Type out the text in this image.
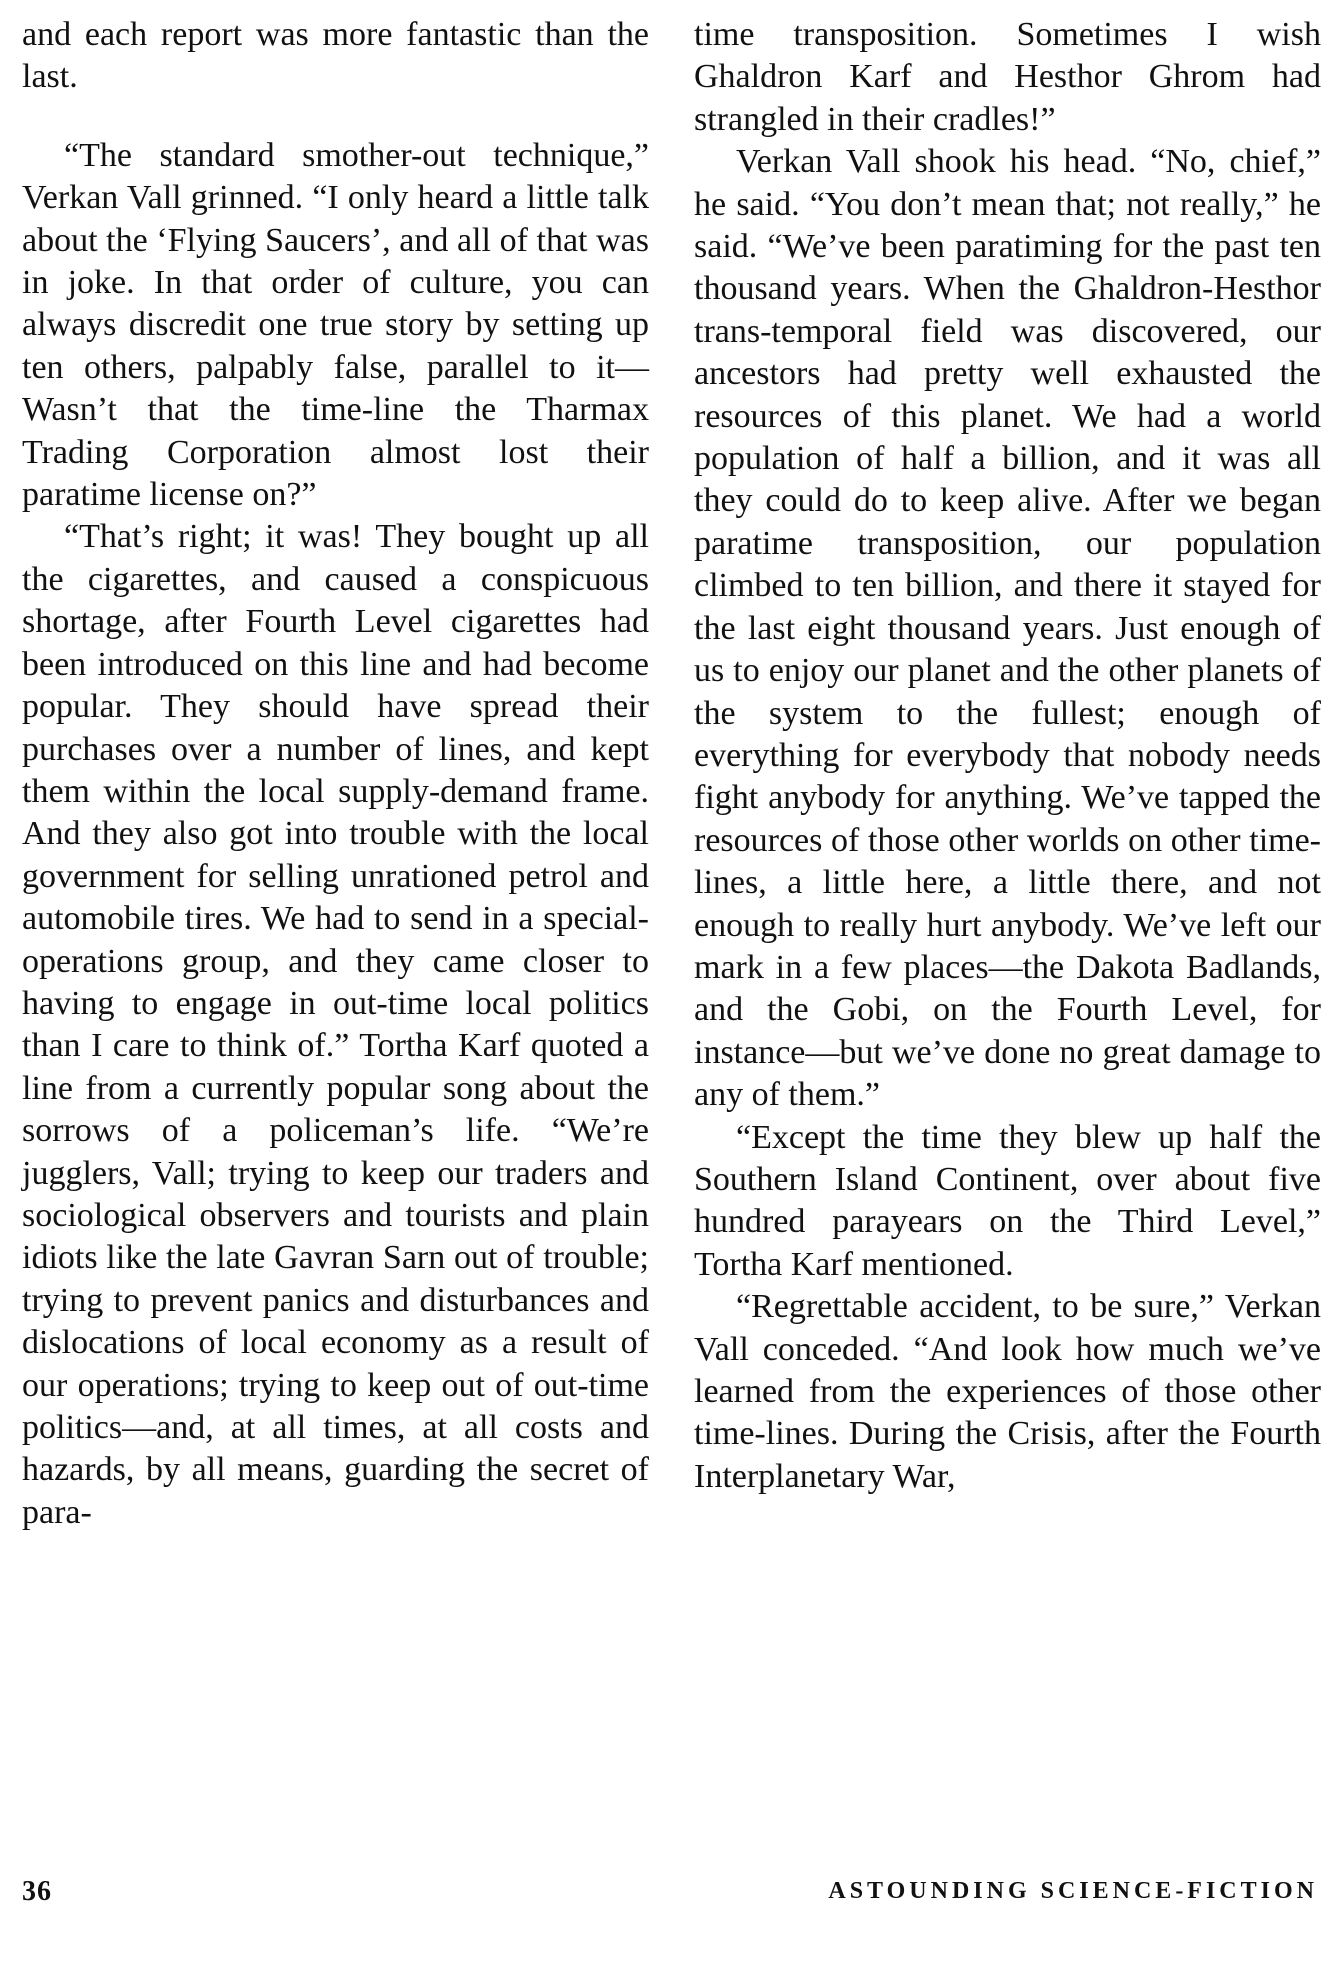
and each report was more fantastic than the last.

“The standard smother-out technique,” Verkan Vall grinned. “I only heard a little talk about the ‘Flying Saucers’, and all of that was in joke. In that order of culture, you can always discredit one true story by setting up ten others, palpably false, parallel to it— Wasn’t that the time-line the Tharmax Trading Corporation almost lost their paratime license on?”

“That’s right; it was! They bought up all the cigarettes, and caused a conspicuous shortage, after Fourth Level cigarettes had been introduced on this line and had become popular. They should have spread their purchases over a number of lines, and kept them within the local supply-demand frame. And they also got into trouble with the local government for selling unrationed petrol and automobile tires. We had to send in a special-operations group, and they came closer to having to engage in out-time local politics than I care to think of.” Tortha Karf quoted a line from a currently popular song about the sorrows of a policeman’s life. “We’re jugglers, Vall; trying to keep our traders and sociological observers and tourists and plain idiots like the late Gavran Sarn out of trouble; trying to prevent panics and disturbances and dislocations of local economy as a result of our operations; trying to keep out of out-time politics—and, at all times, at all costs and hazards, by all means, guarding the secret of para-

time transposition. Sometimes I wish Ghaldron Karf and Hesthor Ghrom had strangled in their cradles!”

Verkan Vall shook his head. “No, chief,” he said. “You don’t mean that; not really,” he said. “We’ve been paratiming for the past ten thousand years. When the Ghaldron-Hesthor trans-temporal field was discovered, our ancestors had pretty well exhausted the resources of this planet. We had a world population of half a billion, and it was all they could do to keep alive. After we began paratime transposition, our population climbed to ten billion, and there it stayed for the last eight thousand years. Just enough of us to enjoy our planet and the other planets of the system to the fullest; enough of everything for everybody that nobody needs fight anybody for anything. We’ve tapped the resources of those other worlds on other time-lines, a little here, a little there, and not enough to really hurt anybody. We’ve left our mark in a few places—the Dakota Badlands, and the Gobi, on the Fourth Level, for instance—but we’ve done no great damage to any of them.”

“Except the time they blew up half the Southern Island Continent, over about five hundred parayears on the Third Level,” Tortha Karf mentioned.

“Regrettable accident, to be sure,” Verkan Vall conceded. “And look how much we’ve learned from the experiences of those other time-lines. During the Crisis, after the Fourth Interplanetary War,

36	ASTOUNDING SCIENCE-FICTION
